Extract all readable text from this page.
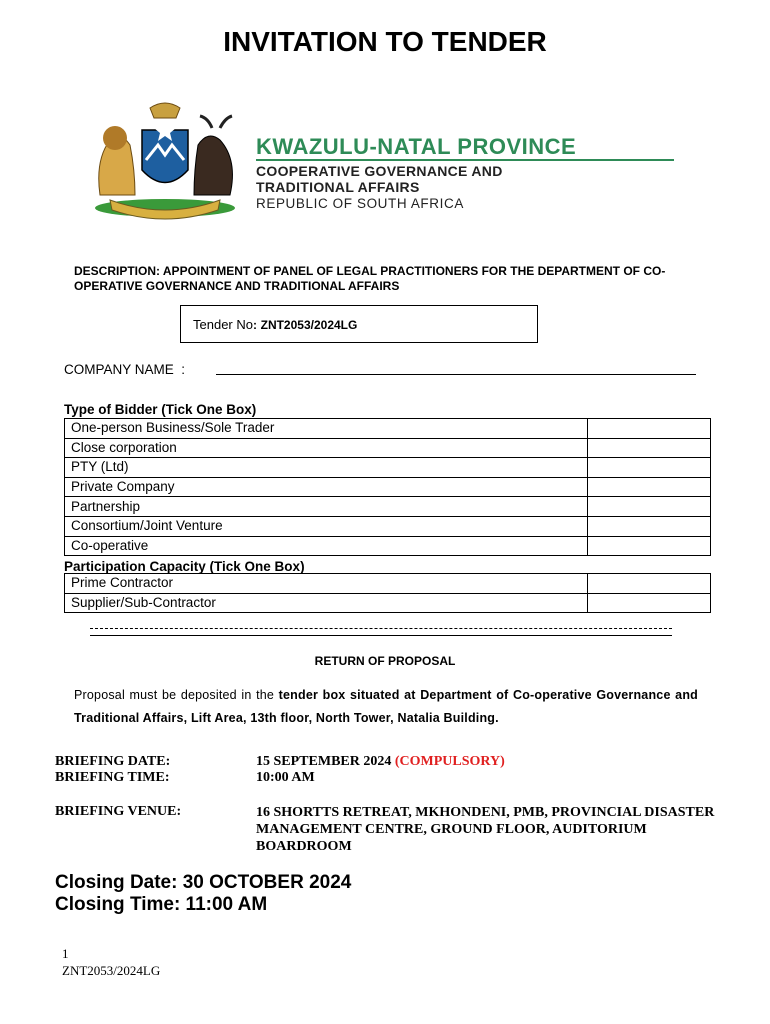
INVITATION TO TENDER
KWAZULU-NATAL PROVINCE
COOPERATIVE GOVERNANCE AND
TRADITIONAL AFFAIRS
REPUBLIC OF SOUTH AFRICA
DESCRIPTION: APPOINTMENT OF PANEL OF LEGAL PRACTITIONERS FOR THE DEPARTMENT OF CO-OPERATIVE GOVERNANCE AND TRADITIONAL AFFAIRS
Tender No: ZNT2053/2024LG
COMPANY NAME :
Type of Bidder (Tick One Box)
One-person Business/Sole Trader	
Close corporation	
PTY (Ltd)	
Private Company	
Partnership	
Consortium/Joint Venture	
Co-operative	
Participation Capacity (Tick One Box)
Prime Contractor	
Supplier/Sub-Contractor	
RETURN OF PROPOSAL
Proposal must be deposited in the tender box situated at Department of Co-operative Governance and Traditional Affairs, Lift Area, 13th floor, North Tower, Natalia Building.
BRIEFING DATE:	15 SEPTEMBER 2024 (COMPULSORY)
BRIEFING TIME:	10:00 AM
BRIEFING VENUE:	16 SHORTTS RETREAT, MKHONDENI, PMB, PROVINCIAL DISASTER MANAGEMENT CENTRE, GROUND FLOOR, AUDITORIUM BOARDROOM
Closing Date: 30 OCTOBER 2024
Closing Time: 11:00 AM
1
ZNT2053/2024LG
